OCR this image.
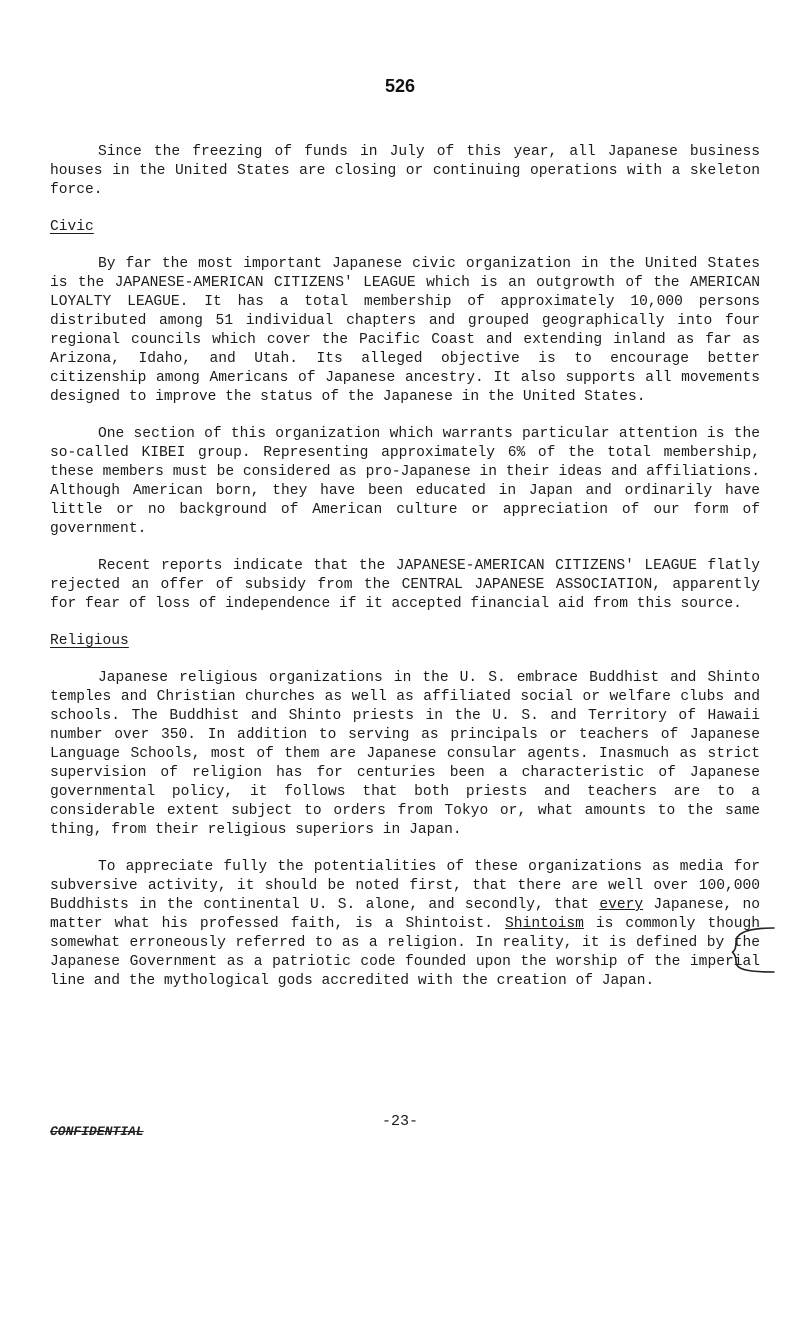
526

Since the freezing of funds in July of this year, all Japanese business houses in the United States are closing or continuing operations with a skeleton force.

Civic

By far the most important Japanese civic organization in the United States is the JAPANESE-AMERICAN CITIZENS' LEAGUE which is an outgrowth of the AMERICAN LOYALTY LEAGUE. It has a total membership of approximately 10,000 persons distributed among 51 individual chapters and grouped geographically into four regional councils which cover the Pacific Coast and extending inland as far as Arizona, Idaho, and Utah. Its alleged objective is to encourage better citizenship among Americans of Japanese ancestry. It also supports all movements designed to improve the status of the Japanese in the United States.

One section of this organization which warrants particular attention is the so-called KIBEI group. Representing approximately 6% of the total membership, these members must be considered as pro-Japanese in their ideas and affiliations. Although American born, they have been educated in Japan and ordinarily have little or no background of American culture or appreciation of our form of government.

Recent reports indicate that the JAPANESE-AMERICAN CITIZENS' LEAGUE flatly rejected an offer of subsidy from the CENTRAL JAPANESE ASSOCIATION, apparently for fear of loss of independence if it accepted financial aid from this source.

Religious

Japanese religious organizations in the U. S. embrace Buddhist and Shinto temples and Christian churches as well as affiliated social or welfare clubs and schools. The Buddhist and Shinto priests in the U. S. and Territory of Hawaii number over 350. In addition to serving as principals or teachers of Japanese Language Schools, most of them are Japanese consular agents. Inasmuch as strict supervision of religion has for centuries been a characteristic of Japanese governmental policy, it follows that both priests and teachers are to a considerable extent subject to orders from Tokyo or, what amounts to the same thing, from their religious superiors in Japan.

To appreciate fully the potentialities of these organizations as media for subversive activity, it should be noted first, that there are well over 100,000 Buddhists in the continental U. S. alone, and secondly, that every Japanese, no matter what his professed faith, is a Shintoist. Shintoism is commonly though somewhat erroneously referred to as a religion. In reality, it is defined by the Japanese Government as a patriotic code founded upon the worship of the imperial line and the mythological gods accredited with the creation of Japan.

-23-
CONFIDENTIAL
